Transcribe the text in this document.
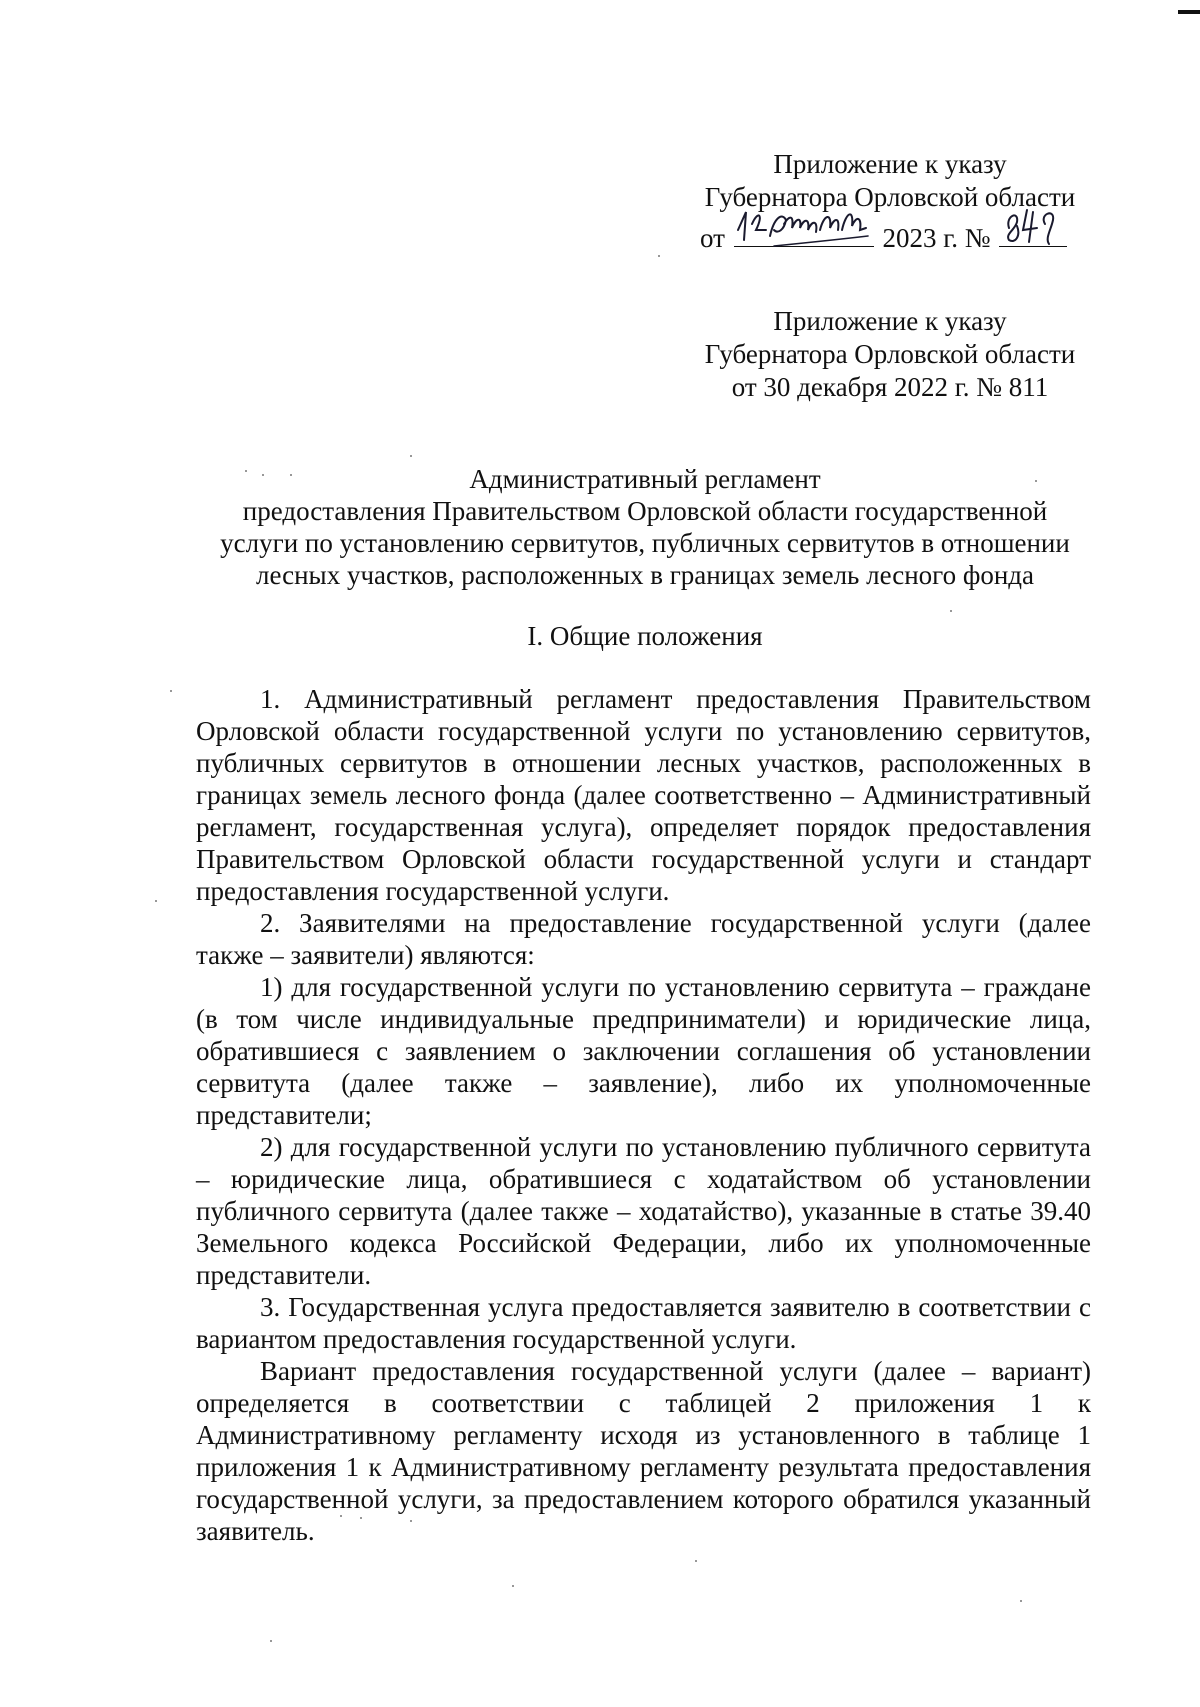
Приложение к указу
Губернатора Орловской области
от	2023 г. №
Приложение к указу
Губернатора Орловской области
от 30 декабря 2022 г. № 811
Административный регламент
предоставления Правительством Орловской области государственной
услуги по установлению сервитутов, публичных сервитутов в отношении
лесных участков, расположенных в границах земель лесного фонда
I. Общие положения

1. Административный регламент предоставления Правительством Орловской области государственной услуги по установлению сервитутов, публичных сервитутов в отношении лесных участков, расположенных в границах земель лесного фонда (далее соответственно – Административный регламент, государственная услуга), определяет порядок предоставления Правительством Орловской области государственной услуги и стандарт предоставления государственной услуги.

2. Заявителями на предоставление государственной услуги (далее также – заявители) являются:

1) для государственной услуги по установлению сервитута – граждане (в том числе индивидуальные предприниматели) и юридические лица, обратившиеся с заявлением о заключении соглашения об установлении сервитута (далее также – заявление), либо их уполномоченные представители;

2) для государственной услуги по установлению публичного сервитута – юридические лица, обратившиеся с ходатайством об установлении публичного сервитута (далее также – ходатайство), указанные в статье 39.40 Земельного кодекса Российской Федерации, либо их уполномоченные представители.

3. Государственная услуга предоставляется заявителю в соответствии с вариантом предоставления государственной услуги.

Вариант предоставления государственной услуги (далее – вариант) определяется в соответствии с таблицей 2 приложения 1 к Административному регламенту исходя из установленного в таблице 1 приложения 1 к Административному регламенту результата предоставления государственной услуги, за предоставлением которого обратился указанный заявитель.
